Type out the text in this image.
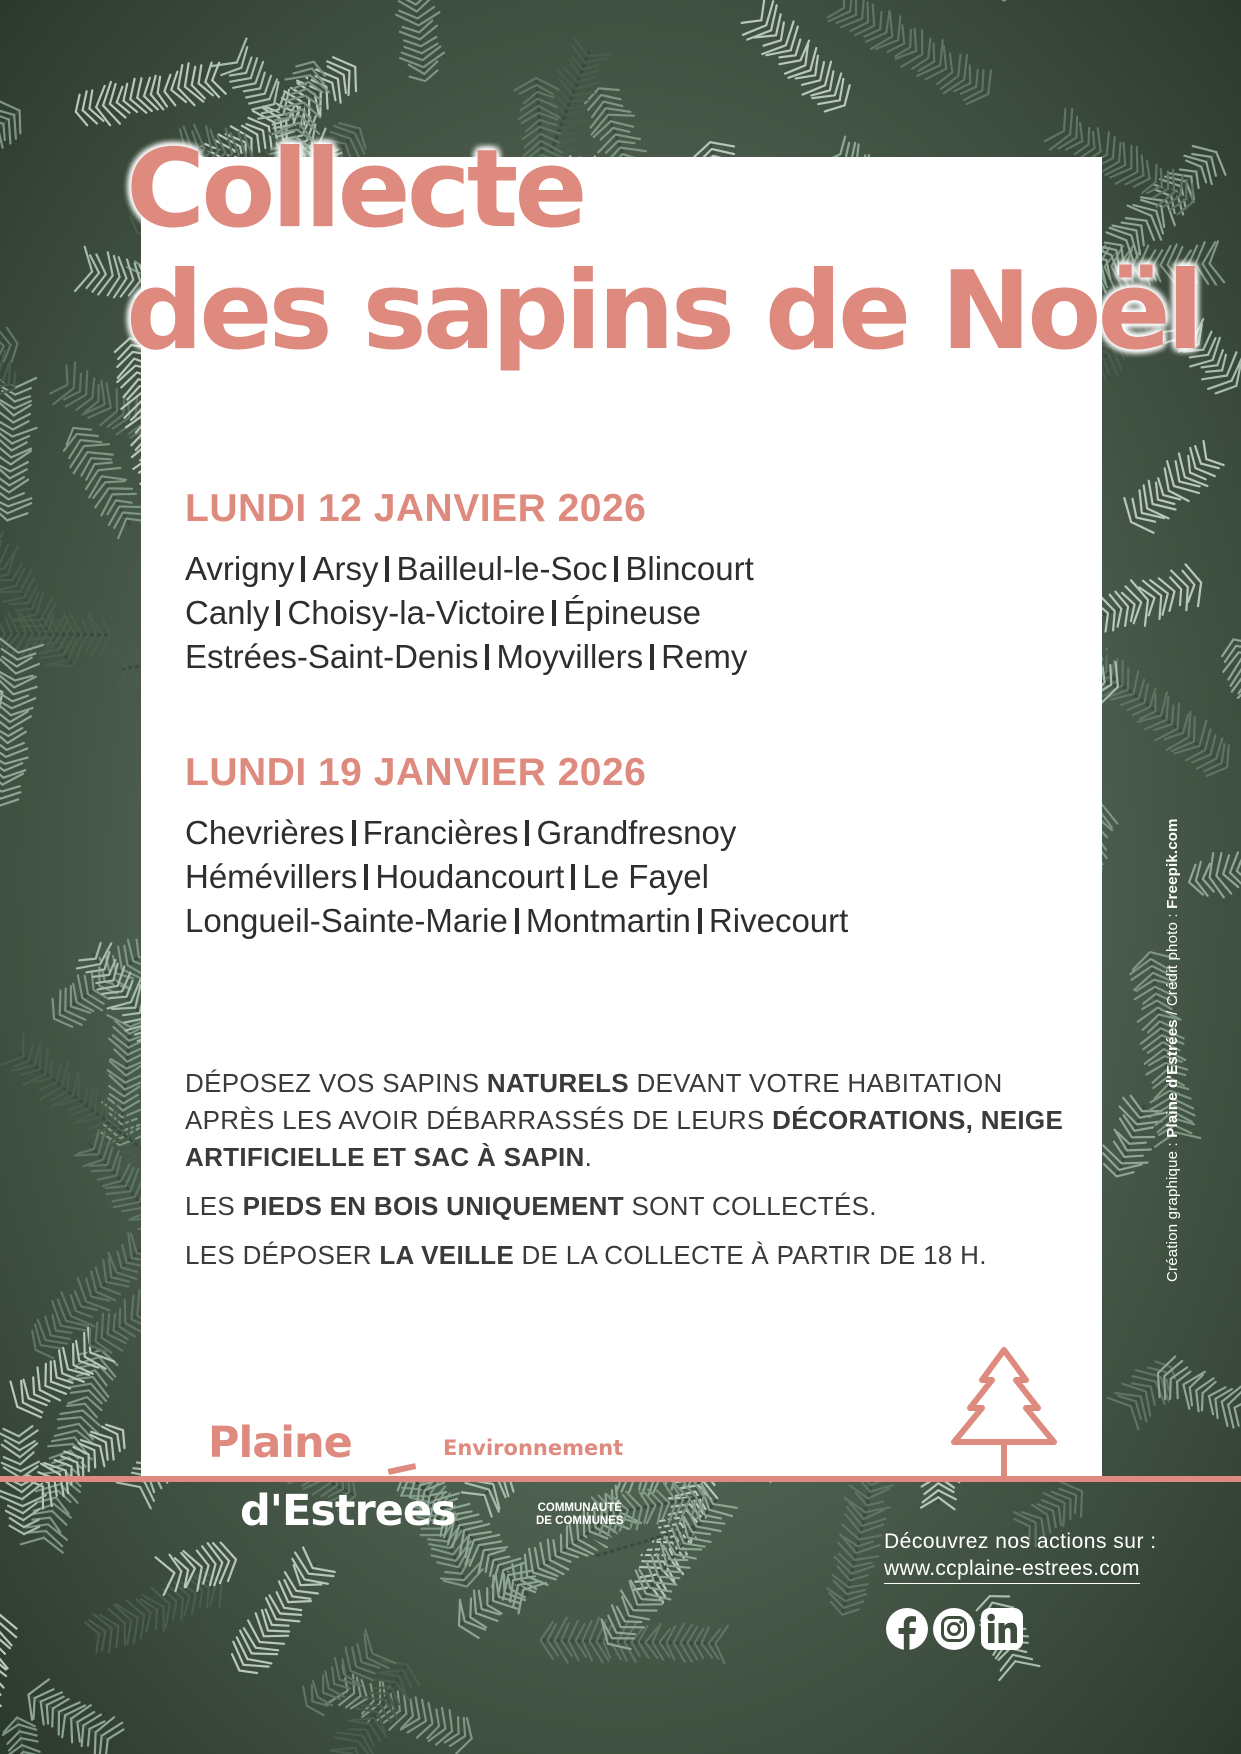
Collecte
des sapins de Noël
LUNDI 12 JANVIER 2026
Avrigny Arsy Bailleul-le-Soc Blincourt
Canly Choisy-la-Victoire Épineuse
Estrées-Saint-Denis Moyvillers Remy
LUNDI 19 JANVIER 2026
Chevrières Francières Grandfresnoy
Hémévillers Houdancourt Le Fayel
Longueil-Sainte-Marie Montmartin Rivecourt

DÉPOSEZ VOS SAPINS NATURELS DEVANT VOTRE HABITATION APRÈS LES AVOIR DÉBARRASSÉS DE LEURS DÉCORATIONS, NEIGE ARTIFICIELLE ET SAC À SAPIN.

LES PIEDS EN BOIS UNIQUEMENT SONT COLLECTÉS.

LES DÉPOSER LA VEILLE DE LA COLLECTE À PARTIR DE 18 H.

Plaine	Environnement
d'Estrees	COMMUNAUTÉ
DE COMMUNES
Découvrez nos actions sur :
www.ccplaine-estrees.com
Création graphique : Plaine d'Estrées / Crédit photo : Freepik.com
